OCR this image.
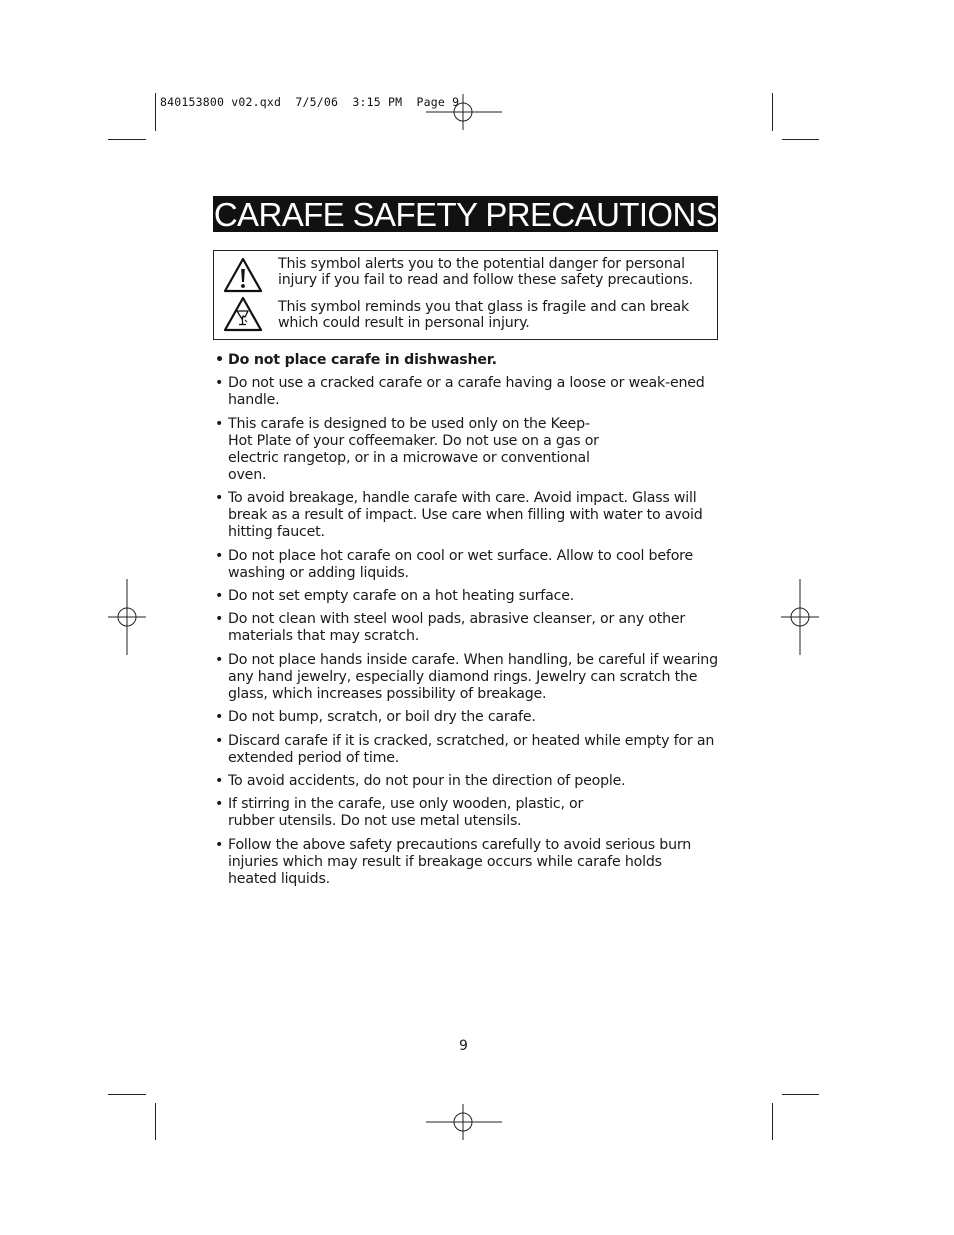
840153800 v02.qxd  7/5/06  3:15 PM  Page 9
CARAFE SAFETY PRECAUTIONS
This symbol alerts you to the potential danger for personal injury if you fail to read and follow these safety precautions.
This symbol reminds you that glass is fragile and can break which could result in personal injury.
• Do not place carafe in dishwasher.
• Do not use a cracked carafe or a carafe having a loose or weak-ened handle.
• This carafe is designed to be used only on the Keep-Hot Plate of your coffeemaker. Do not use on a gas or electric rangetop, or in a microwave or conventional oven.
• To avoid breakage, handle carafe with care. Avoid impact. Glass will break as a result of impact. Use care when filling with water to avoid hitting faucet.
• Do not place hot carafe on cool or wet surface. Allow to cool before washing or adding liquids.
• Do not set empty carafe on a hot heating surface.
• Do not clean with steel wool pads, abrasive cleanser, or any other materials that may scratch.
• Do not place hands inside carafe. When handling, be careful if wearing any hand jewelry, especially diamond rings. Jewelry can scratch the glass, which increases possibility of breakage.
• Do not bump, scratch, or boil dry the carafe.
• Discard carafe if it is cracked, scratched, or heated while empty for an extended period of time.
• To avoid accidents, do not pour in the direction of people.
• If stirring in the carafe, use only wooden, plastic, or rubber utensils. Do not use metal utensils.
• Follow the above safety precautions carefully to avoid serious burn injuries which may result if breakage occurs while carafe holds heated liquids.
9
